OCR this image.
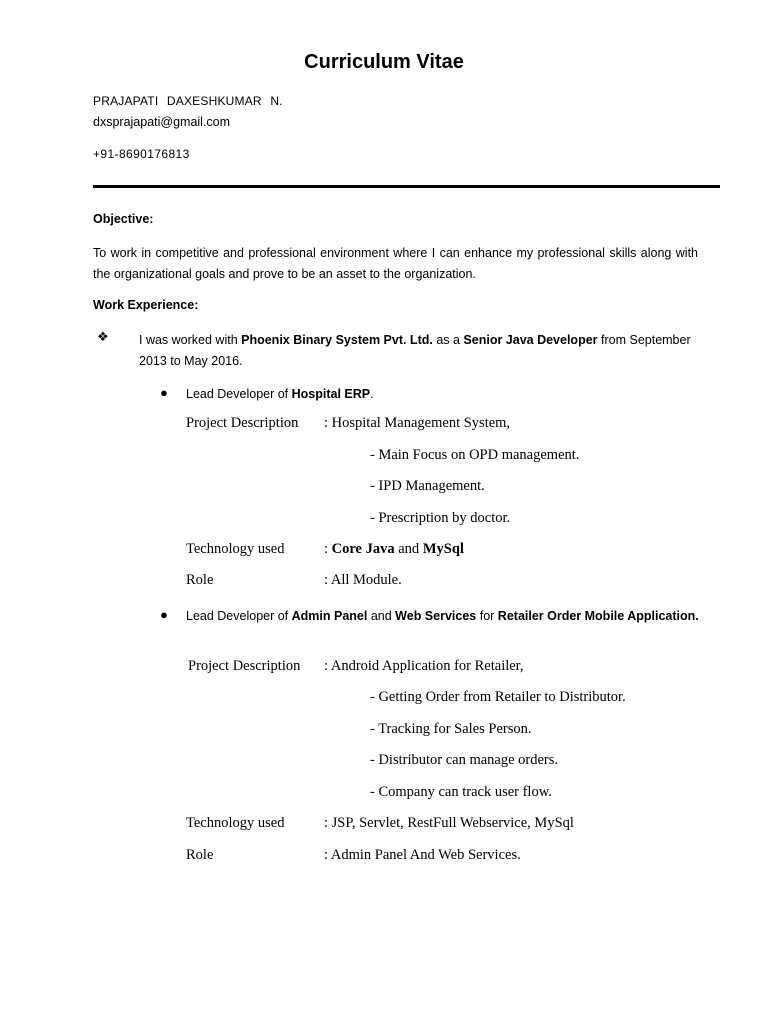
Curriculum Vitae
PRAJAPATI DAXESHKUMAR N.
dxsprajapati@gmail.com
+91-8690176813
Objective:
To work in competitive and professional environment where I can enhance my professional skills along with the organizational goals and prove to be an asset to the organization.
Work Experience:
❖ I was worked with Phoenix Binary System Pvt. Ltd. as a Senior Java Developer from September 2013 to May 2016.
● Lead Developer of Hospital ERP.
Project Description : Hospital Management System,
- Main Focus on OPD management.
- IPD Management.
- Prescription by doctor.
Technology used	: Core Java and MySql
Role	: All Module.
● Lead Developer of Admin Panel and Web Services for Retailer Order Mobile Application.
Project Description : Android Application for Retailer,
- Getting Order from Retailer to Distributor.
- Tracking for Sales Person.
- Distributor can manage orders.
- Company can track user flow.
Technology used	: JSP, Servlet, RestFull Webservice, MySql
Role	: Admin Panel And Web Services.
